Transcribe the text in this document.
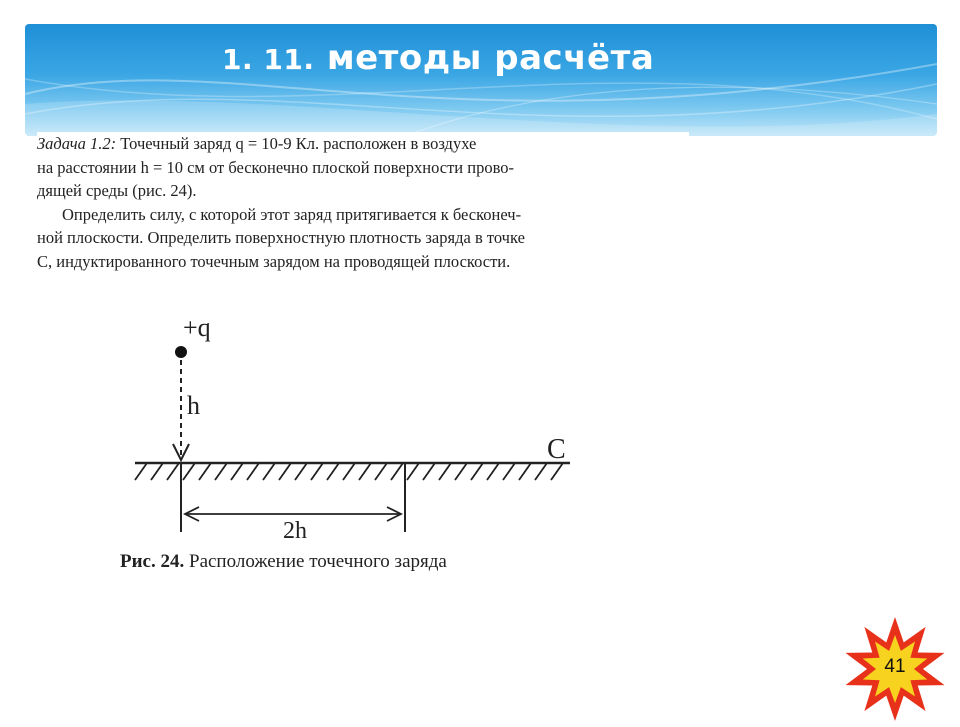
1. 11. методы расчёта

Задача 1.2: Точечный заряд q = 10-9 Кл. расположен в воздухе

на расстоянии h = 10 см от бесконечно плоской поверхности прово-

дящей среды (рис. 24).

Определить силу, с которой этот заряд притягивается к бесконеч-

ной плоскости. Определить поверхностную плотность заряда в точке

С, индуктированного точечным зарядом на проводящей плоскости.

+q
h
C
2h
Рис. 24. Расположение точечного заряда
41
